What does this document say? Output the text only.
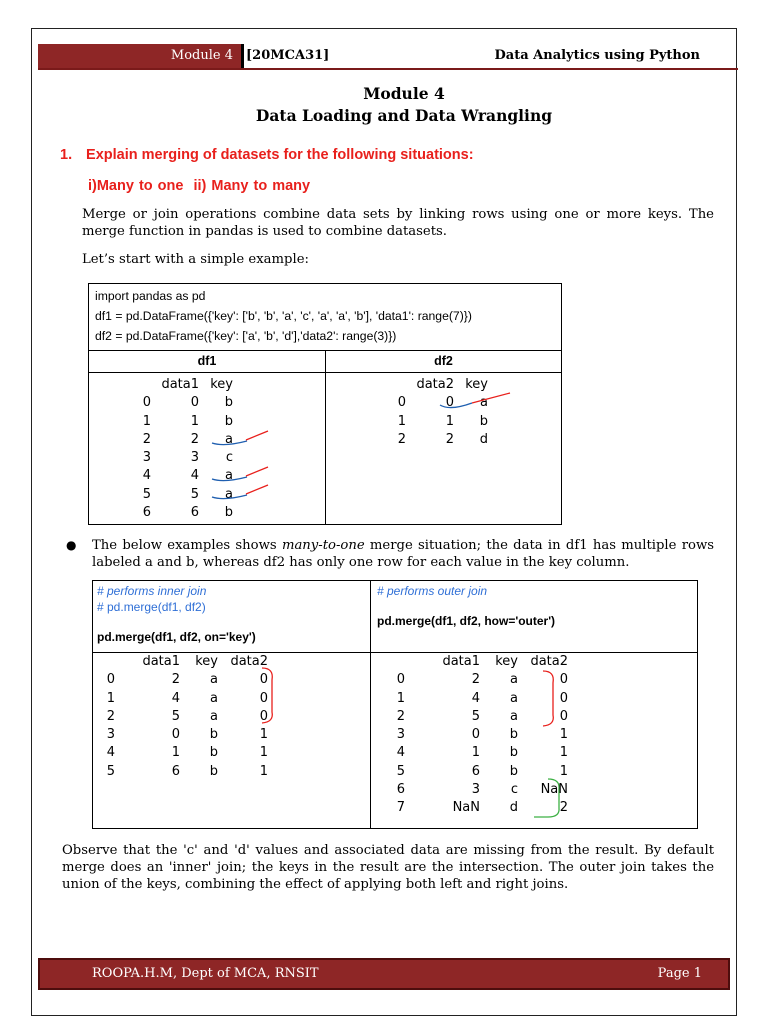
Module 4	[20MCA31]	Data Analytics using Python
Module 4
Data Loading and Data Wrangling
1. Explain merging of datasets for the following situations:
i)Many to one  ii) Many to many
Merge or join operations combine data sets by linking rows using one or more keys. The merge function in pandas is used to combine datasets.
Let’s start with a simple example:
import pandas as pd
df1 = pd.DataFrame({'key': ['b', 'b', 'a', 'c', 'a', 'a', 'b'], 'data1': range(7)})
df2 = pd.DataFrame({'key': ['a', 'b', 'd'],'data2': range(3)})
df1
	data1	key
0	0	b
1	1	b
2	2	a
3	3	c
4	4	a
5	5	a
6	6	b
df2
	data2	key
0	0	a
1	1	b
2	2	d
● The below examples shows many-to-one merge situation; the data in df1 has multiple rows labeled a and b, whereas df2 has only one row for each value in the key column.
# performs inner join
# pd.merge(df1, df2)
pd.merge(df1, df2, on='key')
# performs outer join
pd.merge(df1, df2, how='outer')
	data1	key	data2
0	2	a	0
1	4	a	0
2	5	a	0
3	0	b	1
4	1	b	1
5	6	b	1
	data1	key	data2
0	2	a	0
1	4	a	0
2	5	a	0
3	0	b	1
4	1	b	1
5	6	b	1
6	3	c	NaN
7	NaN	d	2
Observe that the 'c' and 'd' values and associated data are missing from the result. By default merge does an 'inner' join; the keys in the result are the intersection. The outer join takes the union of the keys, combining the effect of applying both left and right joins.
ROOPA.H.M, Dept of MCA, RNSIT	Page 1
